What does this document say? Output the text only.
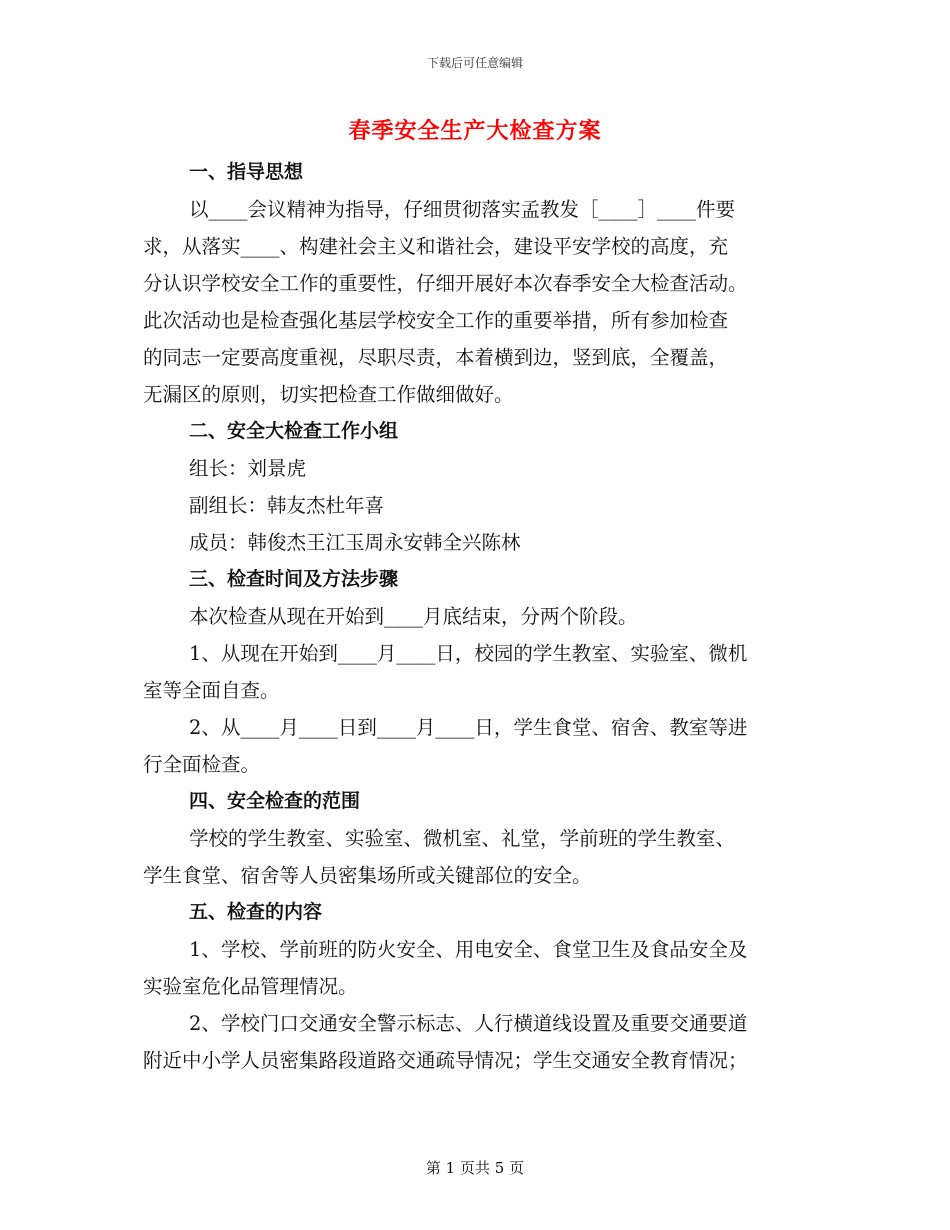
下载后可任意编辑
春季安全生产大检查方案
一、指导思想
以____会议精神为指导，仔细贯彻落实孟教发［____］____件要
求，从落实____、构建社会主义和谐社会，建设平安学校的高度，充
分认识学校安全工作的重要性，仔细开展好本次春季安全大检查活动。
此次活动也是检查强化基层学校安全工作的重要举措，所有参加检查
的同志一定要高度重视，尽职尽责，本着横到边，竖到底，全覆盖，
无漏区的原则，切实把检查工作做细做好。
二、安全大检查工作小组
组长：刘景虎
副组长：韩友杰杜年喜
成员：韩俊杰王江玉周永安韩全兴陈林
三、检查时间及方法步骤
本次检查从现在开始到____月底结束，分两个阶段。
1、从现在开始到____月____日，校园的学生教室、实验室、微机
室等全面自查。
2、从____月____日到____月____日，学生食堂、宿舍、教室等进
行全面检查。
四、安全检查的范围
学校的学生教室、实验室、微机室、礼堂，学前班的学生教室、
学生食堂、宿舍等人员密集场所或关键部位的安全。
五、检查的内容
1、学校、学前班的防火安全、用电安全、食堂卫生及食品安全及
实验室危化品管理情况。
2、学校门口交通安全警示标志、人行横道线设置及重要交通要道
附近中小学人员密集路段道路交通疏导情况；学生交通安全教育情况；
第 1 页共 5 页
